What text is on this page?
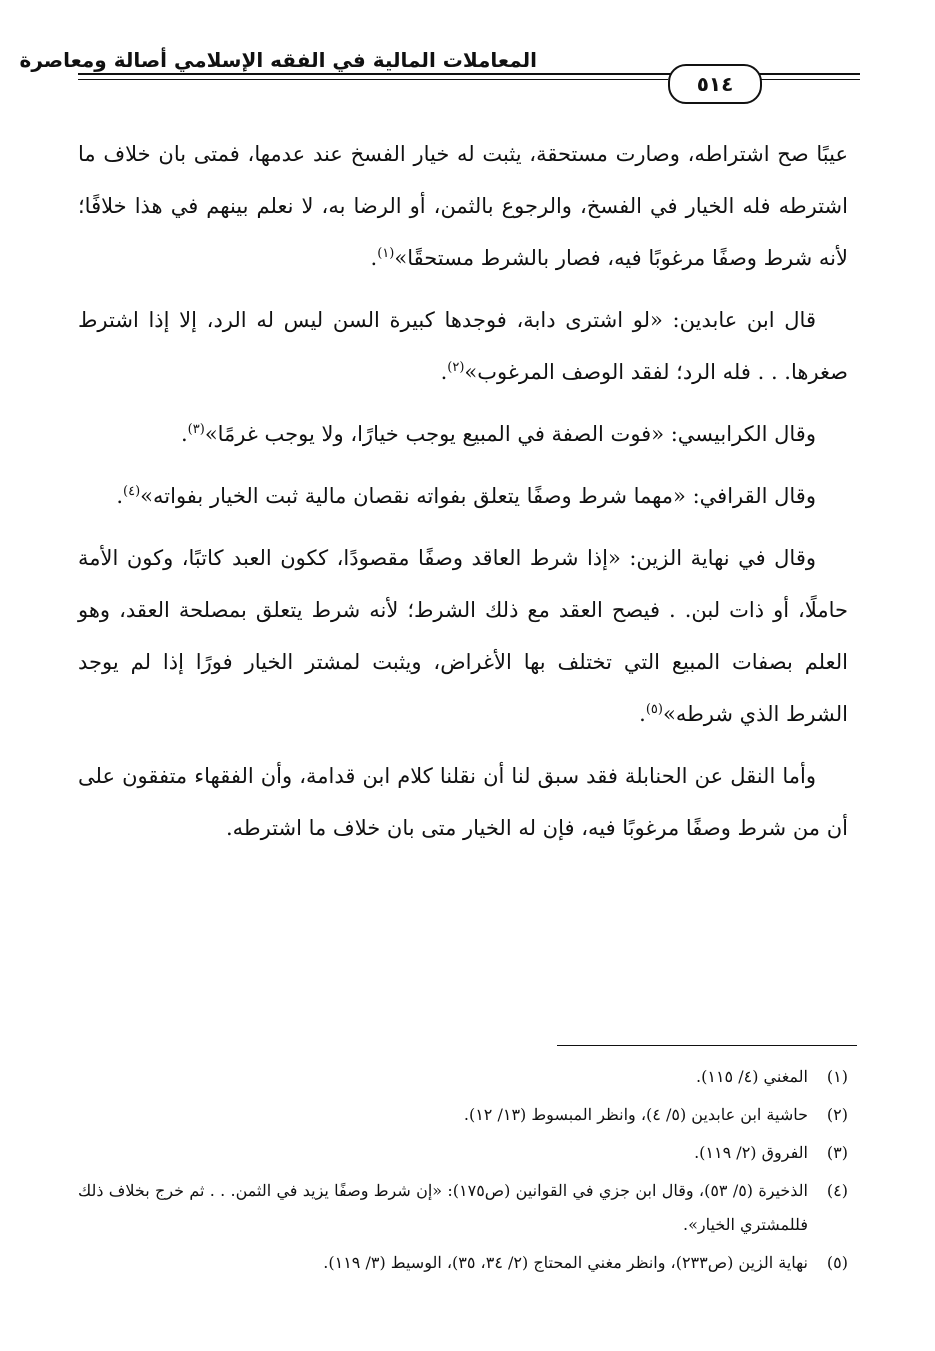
المعاملات المالية في الفقه الإسلامي أصالة ومعاصرة
٥١٤

عيبًا صح اشتراطه، وصارت مستحقة، يثبت له خيار الفسخ عند عدمها، فمتى بان خلاف ما اشترطه فله الخيار في الفسخ، والرجوع بالثمن، أو الرضا به، لا نعلم بينهم في هذا خلافًا؛ لأنه شرط وصفًا مرغوبًا فيه، فصار بالشرط مستحقًا»$^{(١)}$.

قال ابن عابدين: «لو اشترى دابة، فوجدها كبيرة السن ليس له الرد، إلا إذا اشترط صغرها. . . فله الرد؛ لفقد الوصف المرغوب»$^{(٢)}$.

وقال الكرابيسي: «فوت الصفة في المبيع يوجب خيارًا، ولا يوجب غرمًا»$^{(٣)}$.

وقال القرافي: «مهما شرط وصفًا يتعلق بفواته نقصان مالية ثبت الخيار بفواته»$^{(٤)}$.

وقال في نهاية الزين: «إذا شرط العاقد وصفًا مقصودًا، ككون العبد كاتبًا، وكون الأمة حاملًا، أو ذات لبن. . فيصح العقد مع ذلك الشرط؛ لأنه شرط يتعلق بمصلحة العقد، وهو العلم بصفات المبيع التي تختلف بها الأغراض، ويثبت لمشتر الخيار فورًا إذا لم يوجد الشرط الذي شرطه»$^{(٥)}$.

وأما النقل عن الحنابلة فقد سبق لنا أن نقلنا كلام ابن قدامة، وأن الفقهاء متفقون على أن من شرط وصفًا مرغوبًا فيه، فإن له الخيار متى بان خلاف ما اشترطه.

(١)
المغني (٤/ ١١٥).
(٢)
حاشية ابن عابدين (٥/ ٤)، وانظر المبسوط (١٣/ ١٢).
(٣)
الفروق (٢/ ١١٩).
(٤)
الذخيرة (٥/ ٥٣)، وقال ابن جزي في القوانين (ص١٧٥): «إن شرط وصفًا يزيد في الثمن. . . ثم خرج بخلاف ذلك فللمشتري الخيار».
(٥)
نهاية الزين (ص٢٣٣)، وانظر مغني المحتاج (٢/ ٣٤، ٣٥)، الوسيط (٣/ ١١٩).
